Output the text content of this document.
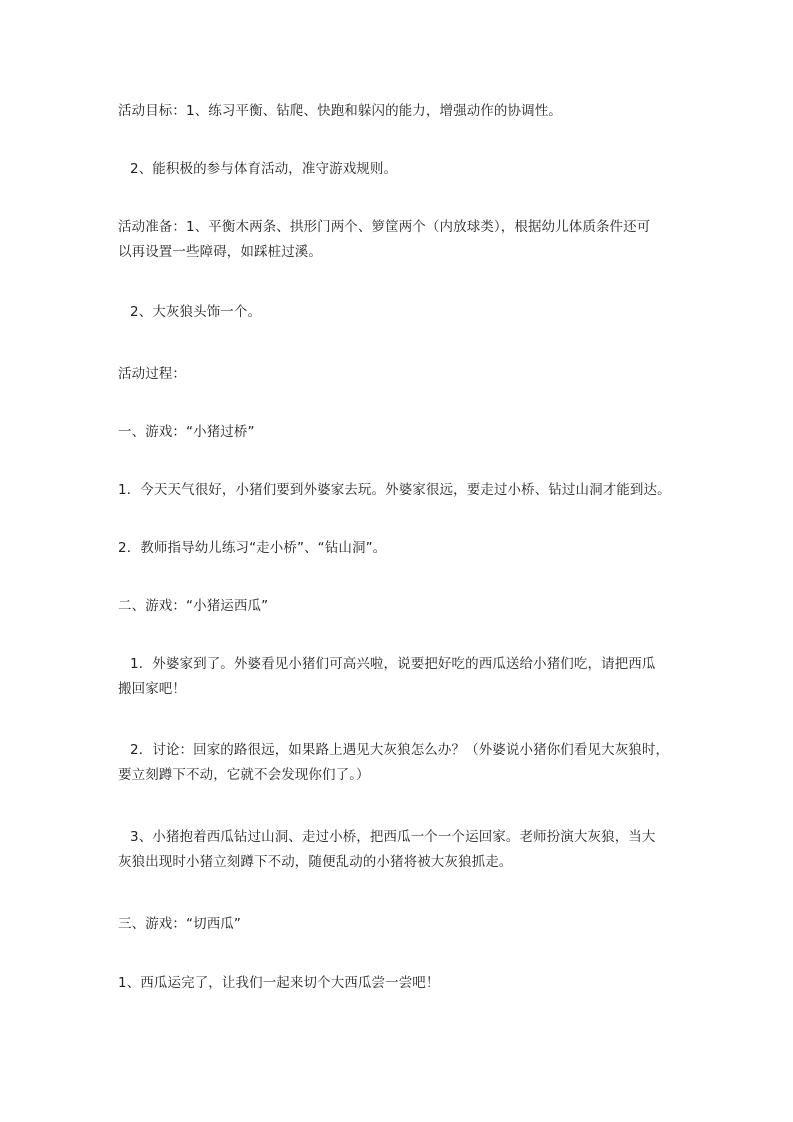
活动目标：1、练习平衡、钻爬、快跑和躲闪的能力，增强动作的协调性。
2、能积极的参与体育活动，准守游戏规则。
活动准备：1、平衡木两条、拱形门两个、箩筐两个（内放球类），根据幼儿体质条件还可
以再设置一些障碍，如踩桩过溪。
2、大灰狼头饰一个。
活动过程：
一、游戏：“小猪过桥”
1．今天天气很好，小猪们要到外婆家去玩。外婆家很远，要走过小桥、钻过山洞才能到达。
2．教师指导幼儿练习“走小桥”、“钻山洞”。
二、游戏：“小猪运西瓜”
1．外婆家到了。外婆看见小猪们可高兴啦，说要把好吃的西瓜送给小猪们吃，请把西瓜
搬回家吧！
2．讨论：回家的路很远，如果路上遇见大灰狼怎么办？（外婆说小猪你们看见大灰狼时，
要立刻蹲下不动，它就不会发现你们了。）
3、小猪抱着西瓜钻过山洞、走过小桥，把西瓜一个一个运回家。老师扮演大灰狼，当大
灰狼出现时小猪立刻蹲下不动，随便乱动的小猪将被大灰狼抓走。
三、游戏：“切西瓜”
1、西瓜运完了，让我们一起来切个大西瓜尝一尝吧！
